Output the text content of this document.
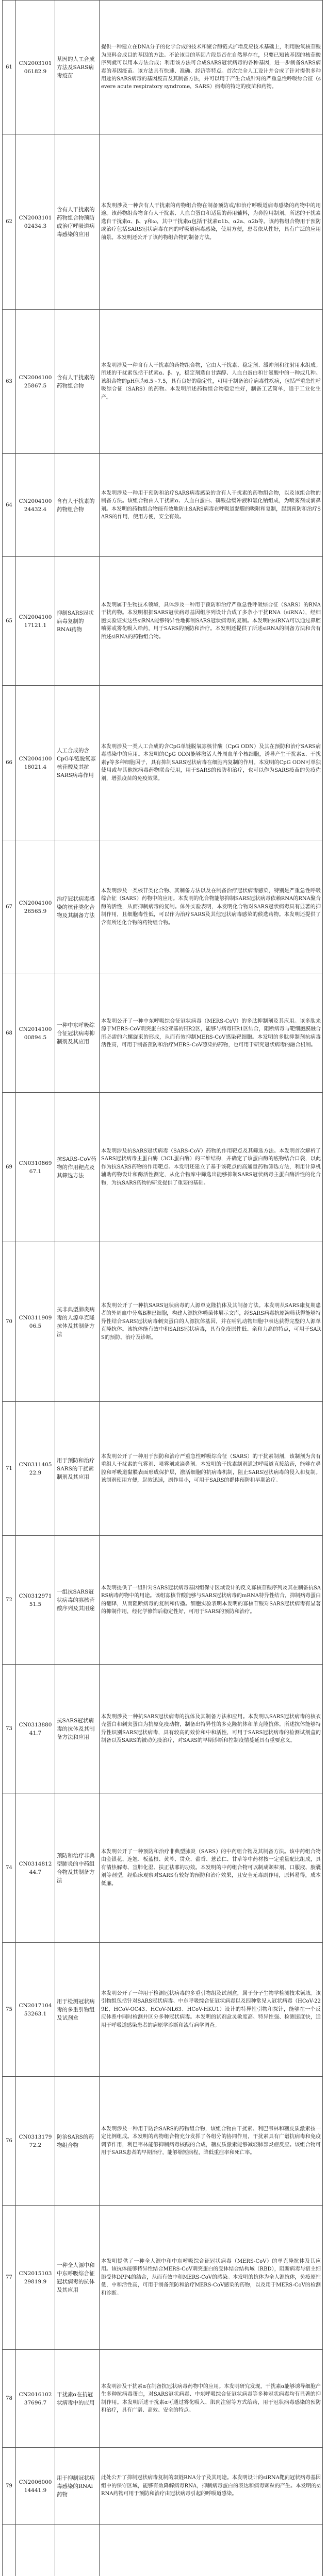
61	CN200310106182.9	基因的人工合成方法及SARS病毒疫苗	提供一种建立在DNA分子的化学合成的技术和聚合酶链式扩增反应技术基础上，利用脱氧核苷酸为原料合成目的基因的方法。不论该目的基因片段是否在自然界存在，只要已知该基因的核苷酸序列就可以用本方法合成；利用该方法可合成SARS冠状病毒的各种基因，进一步制备SARS病毒的基因疫苗。该方法具有快速、准确、经济等特点。首次完全人工设计并合成了针对提供多种用途的SARS病毒的基因疫苗及其制备方法，并可以用于产生合成针对的严重急性呼吸综合征（severe acute respiratory syndrome，SARS）病毒的特定的疫苗和药物。
62	CN200310102434.3	含有人干扰素的药物组合物预防或治疗呼吸道病毒感染的应用	本发明涉及一种含有人干扰素的药物组合物在制备预防或/和治疗呼吸道病毒感染的药物中的用途。该药物组合物含有人干扰素、人血白蛋白和适量的药用辅料，为鼻腔用制剂。所述的干扰素选自干扰素α、β、γ和ω，其中干扰素α包括干扰素α1b、α2a、α2b等。该药物组合物用于预防或治疗包括SARS冠状病毒在内的呼吸道病毒感染，使用方便，患者依从性好，具有广泛的应用前景。本发明还公开了该药物组合物的制备方法。
63	CN200410025867.5	含有人干扰素的药物组合物	本发明涉及一种含有人干扰素的药物组合物，它由人干扰素、稳定剂、缓冲剂和注射用水组成。所述的干扰素包括干扰素α、β、γ，稳定剂选自甘露醇、人血白蛋白和甘氨酸中的一种或几种。该组合物的pH值为6.5~7.5，具有良好的稳定性，可用于制备治疗病毒性疾病，包括严重急性呼吸综合征（SARS）的药物。本发明所述药物组合物稳定性好，制备工艺简单，适于工业化生产。
64	CN200410024432.4	含有人干扰素的药物组合物	本发明涉及一种用于预防和治疗SARS病毒感染的含有人干扰素的药物组合物，以及该组合物的制备方法。该组合物由人干扰素α、人血白蛋白、磷酸盐缓冲液和氯化钠组成，为喷雾剂或滴鼻剂。本发明的药物组合物能有效地防止SARS病毒在呼吸道黏膜的吸附和复制，起到预防和治疗SARS的作用，使用方便，安全有效。
65	CN200410017121.1	抑制SARS冠状病毒复制的RNAi药物	本发明属于生物技术领域，具体涉及一种用于预防和治疗严重急性呼吸综合征（SARS）的RNA干扰药物。本发明根据SARS冠状病毒基因组序列设计合成了多条小干扰RNA（siRNA），经细胞实验证实这些siRNA能够特异性地抑制SARS冠状病毒的复制。本发明的siRNA可以通过鼻腔喷雾或雾化吸入给药，用于SARS的预防和治疗。本发明还提供了所述siRNA的制备方法和含有所述siRNA的药物组合物。
66	CN200410018021.4	人工合成的含CpG单链脱氧寡核苷酸及其抗SARS病毒作用	本发明涉及一类人工合成的含CpG单链脱氧寡核苷酸（CpG ODN）及其在预防和治疗SARS病毒感染中的应用。本发明的CpG ODN能够激活人外周血单个核细胞，诱导产生干扰素α、干扰素γ等多种细胞因子，具有抑制SARS冠状病毒在细胞内复制的作用。本发明的CpG ODN可单独使用或与其他抗病毒药物联合使用，用于SARS的预防和治疗，也可以作为SARS疫苗的免疫佐剂，增强疫苗的免疫效果。
67	CN200410026565.9	治疗冠状病毒感染的核苷类化合物及其制备方法	本发明涉及一类核苷类化合物、其制备方法以及在制备治疗冠状病毒感染，特别是严重急性呼吸综合征（SARS）药物中的应用。本发明的化合物能够抑制SARS冠状病毒依赖RNA的RNA聚合酶的活性，从而抑制病毒的复制。体外实验表明，本发明化合物对SARS冠状病毒具有显著的抑制作用，且细胞毒性低，可以作为治疗SARS及其他冠状病毒感染的候选药物。本发明还提供了含有所述化合物的药物组合物。
68	CN201410000894.5	一种中东呼吸综合征冠状病毒抑制剂及其应用	本发明公开了一种中东呼吸综合征冠状病毒（MERS-CoV）的多肽抑制剂及其应用。该多肽来源于MERS-CoV刺突蛋白S2亚基的HR2区，能够与病毒HR1区结合，阻断病毒与靶细胞膜融合所必需的六螺旋束的形成，从而有效抑制MERS-CoV感染靶细胞。本发明的多肽抑制剂抗病毒活性高，可用于制备预防和治疗MERS-CoV感染的药物，也可用于研究冠状病毒的融合机制。
69	CN031086967.1	抗SARS-CoV药物的作用靶点及其筛选方法	本发明涉及抗SARS冠状病毒（SARS-CoV）药物的作用靶点及其筛选方法。本发明首次解析了SARS冠状病毒主蛋白酶（3CL蛋白酶）的三维结构，并确定了该蛋白酶的底物结合口袋，以此作为抗SARS药物的作用靶点。本发明还建立了基于该靶点的高通量药物筛选方法，利用计算机辅助药物设计和酶活性测定，从化合物库中筛选出能够抑制SARS冠状病毒主蛋白酶活性的化合物，为抗SARS药物的研发提供了重要的基础。
70	CN031190906.5	抗非典型肺炎病毒的人源单克隆抗体及其制备方法	本发明公开了一种抗SARS冠状病毒的人源单克隆抗体及其制备方法。本发明从SARS康复期患者的外周血中分离B淋巴细胞，构建人源抗体噬菌体展示文库，经SARS病毒抗原淘筛获得能够特异性结合SARS冠状病毒刺突蛋白的人源抗体基因，并在哺乳动物细胞中表达获得完整的人源单克隆抗体。该抗体能有效中和SARS冠状病毒，具有免疫原性低、亲和力高的特点，可用于SARS的预防、治疗及诊断。
71	CN031140522.9	用于预防和治疗SARS的干扰素制剂及其应用	本发明公开了一种用于预防和治疗严重急性呼吸综合征（SARS）的干扰素制剂，该制剂为含有重组人干扰素的气雾剂、喷雾剂或滴鼻剂。本发明的干扰素制剂通过呼吸道直接给药，能够在鼻腔和呼吸道黏膜表面形成保护层，激活细胞的抗病毒机制，阻止SARS冠状病毒的侵入和复制。该制剂使用方便，起效迅速，副作用小，可用于SARS的群体预防和早期治疗。
72	CN031297151.5	一组抗SARS冠状病毒的寡核苷酸序列及其用途	本发明提供了一组针对SARS冠状病毒基因组保守区域设计的反义寡核苷酸序列及其在制备抗SARS病毒药物中的用途。该组寡核苷酸能够与SARS冠状病毒的mRNA特异性结合，抑制病毒蛋白的翻译，从而阻断病毒的复制和传播。细胞实验表明本发明的寡核苷酸对SARS冠状病毒有显著的抑制作用，经化学修饰后稳定性好，可用于SARS的预防和治疗。
73	CN031388041.7	抗SARS冠状病毒的抗体及其制备方法和应用	本发明涉及一种抗SARS冠状病毒的抗体及其制备方法和应用。本发明以SARS冠状病毒的核衣壳蛋白和刺突蛋白为抗原免疫动物，制备出特异性的多克隆抗体和单克隆抗体。所述抗体能够特异性识别SARS冠状病毒，具有较高的效价和中和活性，可用于SARS冠状病毒的检测试剂盒的制备以及SARS的被动免疫治疗，对SARS的早期诊断和控制疫情蔓延具有重要意义。
74	CN031481244.7	预防和治疗非典型肺炎的中药组合物及其制备方法	本发明公开了一种预防和治疗非典型肺炎（SARS）的中药组合物及其制备方法。该中药组合物由金银花、连翘、板蓝根、黄芩、贯众、藿香、薏苡仁、甘草等中药材按一定重量配比组成，具有清热解毒、宣肺化湿、扶正祛邪的功效。本发明的中药组合物可以制成颗粒剂、口服液、胶囊剂等剂型，经临床观察对SARS有较好的预防和治疗效果，且安全无毒副作用，原料易得，成本低廉。
75	CN201710453263.1	用于检测冠状病毒的多重引物组及试剂盒	本发明公开了一种用于检测冠状病毒的多重引物组及试剂盒，属于分子生物学检测技术领域。该引物组包括针对SARS冠状病毒、中东呼吸综合征冠状病毒以及四种常见人冠状病毒（HCoV-229E、HCoV-OC43、HCoV-NL63、HCoV-HKU1）设计的特异性引物和探针，能够在一个反应体系中同时检测并区分多种冠状病毒。本发明的试剂盒灵敏度高、特异性强、检测速度快，适用于呼吸道感染患者的病原学诊断和流行病学调查。
76	CN031317972.2	防治SARS的药物组合物	本发明涉及一种用于防治SARS的药物组合物，该组合物由干扰素、利巴韦林和糖皮质激素按一定比例组成。本发明的药物组合物充分发挥了各组分的协同作用，干扰素具有广谱抗病毒和免疫调节作用，利巴韦林能够抑制病毒核酸的合成，糖皮质激素能够减轻肺部炎症反应。该组合物可用于SARS患者的早期治疗，能够缩短病程，降低重症率和死亡率。
77	CN201510329819.9	一种全人源中和中东呼吸综合征冠状病毒的抗体及其应用	本发明提供了一种全人源中和中东呼吸综合征冠状病毒（MERS-CoV）的单克隆抗体及其应用。该抗体能够特异性结合MERS-CoV刺突蛋白的受体结合结构域（RBD），阻断病毒与宿主细胞受体DPP4的结合，从而有效中和MERS-CoV的感染。本发明的抗体为全人源抗体，免疫原性低，中和活性高，可用于制备预防和治疗MERS-CoV感染的药物，以及用于MERS-CoV的检测和诊断。
78	CN201610237696.7	干扰素α在抗冠状病毒中的应用	本发明涉及干扰素α在制备抗冠状病毒药物中的应用。本发明研究发现，干扰素α能够诱导细胞产生多种抗病毒蛋白，对SARS冠状病毒、中东呼吸综合征冠状病毒等多种冠状病毒均有显著的抑制作用。本发明所述干扰素α可通过雾化吸入、肌肉注射等方式给药，用于冠状病毒感染的预防和治疗，具有广谱、高效、安全的特点。
79	CN200600014441.9	用于抑制冠状病毒感染的RNAi药物	此处公开了抑制冠状病毒复制的双链RNA分子及其用途。本发明设计的siRNA靶向冠状病毒基因组中的保守区域，能够有效降解病毒RNA，抑制病毒蛋白的表达和病毒颗粒的产生。本发明的siRNA药物可用于预防和治疗由冠状病毒引起的呼吸道感染。
